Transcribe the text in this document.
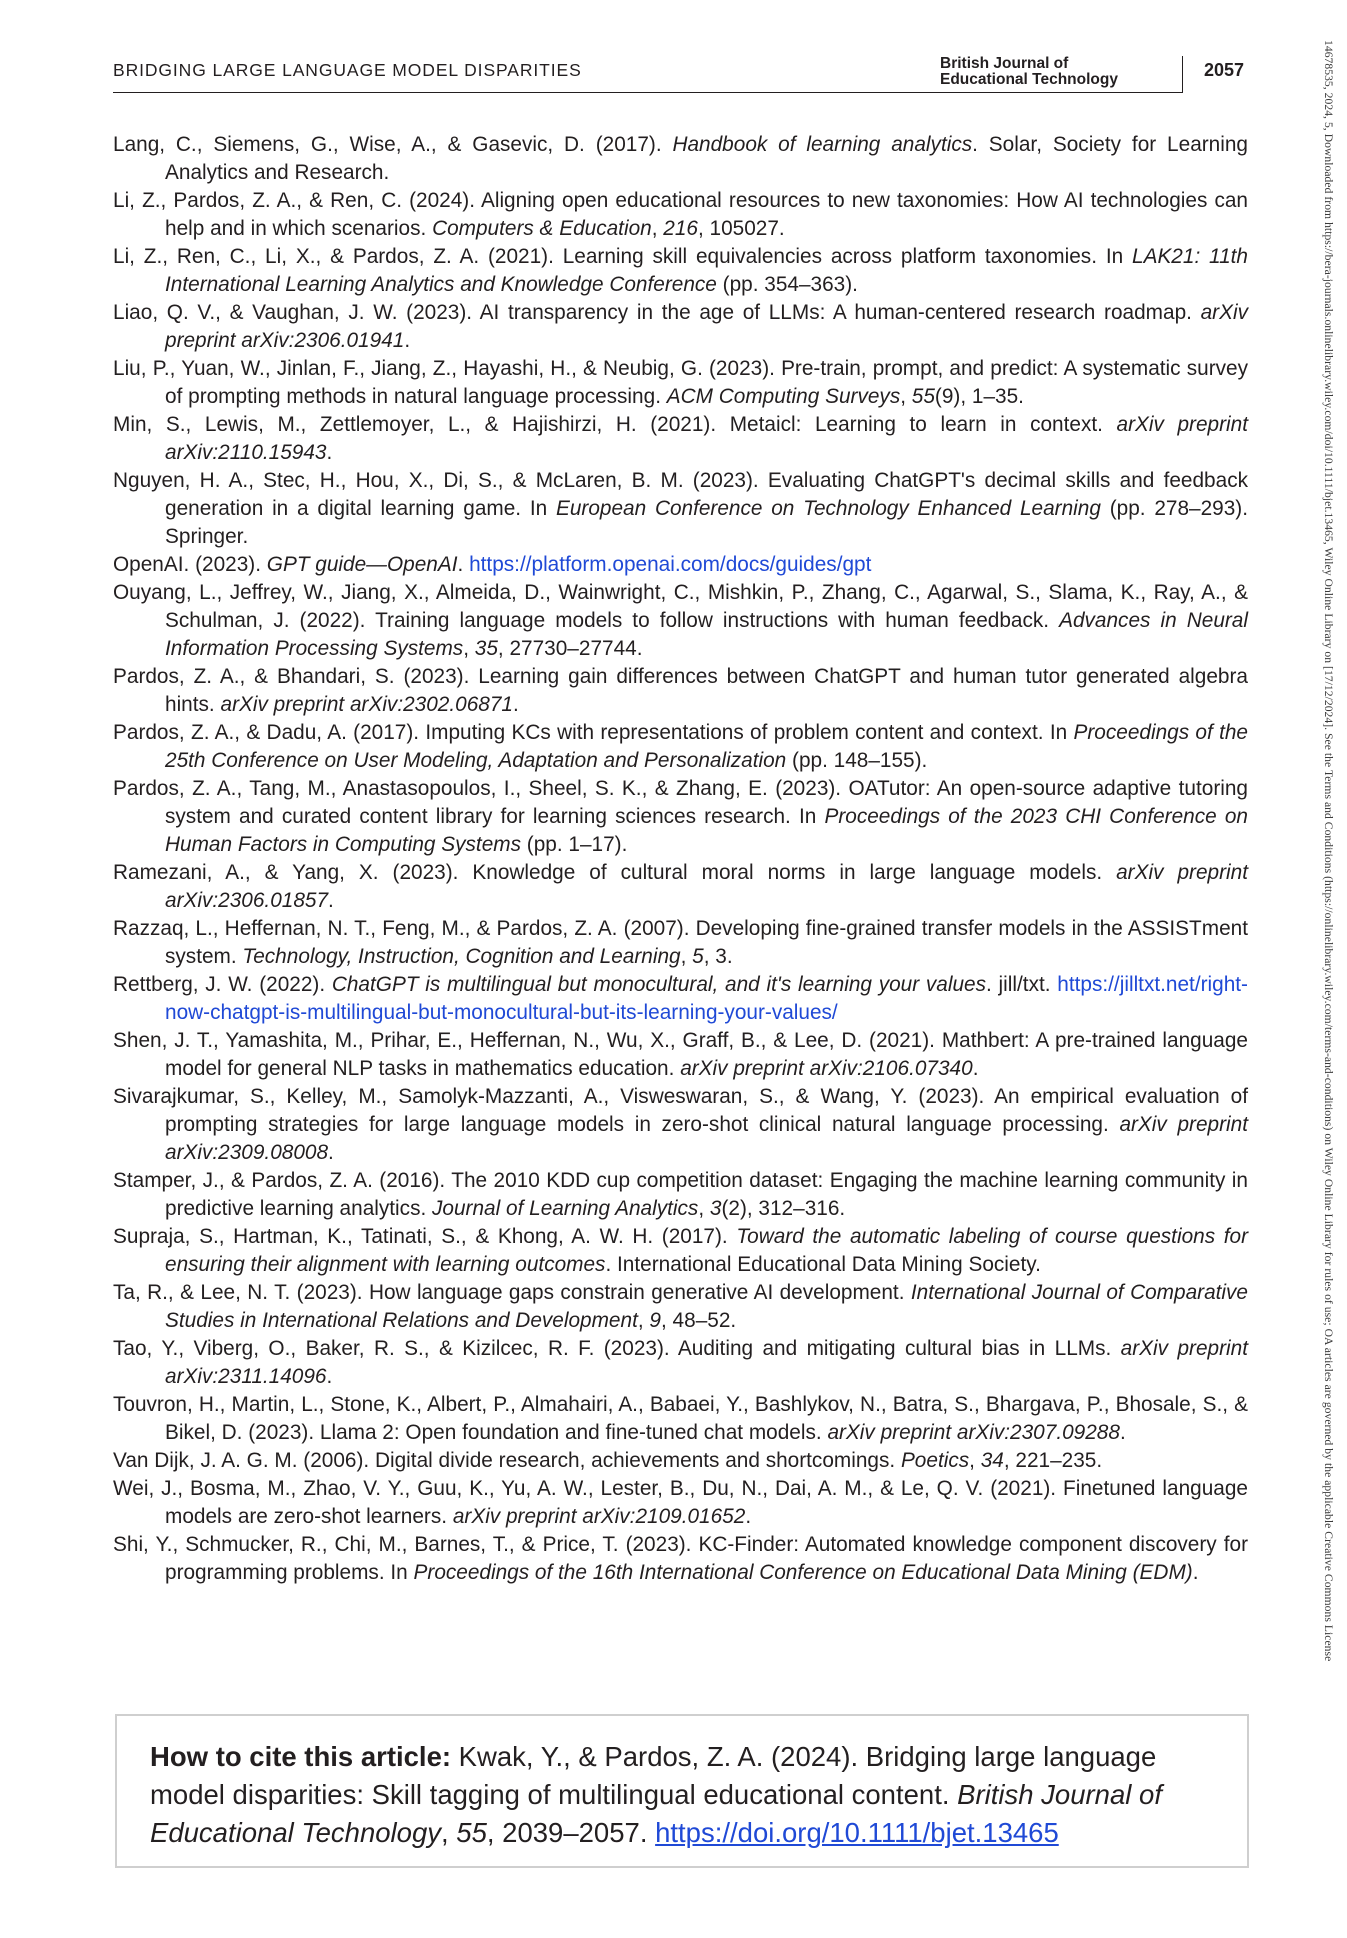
BRIDGING LARGE LANGUAGE MODEL DISPARITIES	British Journal of
Educational Technology	2057	14678535, 2024, 5, Downloaded from https://bera-journals.onlinelibrary.wiley.com/doi/10.1111/bjet.13465, Wiley Online Library on [17/12/2024]. See the Terms and Conditions (https://onlinelibrary.wiley.com/terms-and-conditions) on Wiley Online Library for rules of use; OA articles are governed by the applicable Creative Commons License
Lang, C., Siemens, G., Wise, A., & Gasevic, D. (2017). Handbook of learning analytics. Solar, Society for Learning Analytics and Research.
Li, Z., Pardos, Z. A., & Ren, C. (2024). Aligning open educational resources to new taxonomies: How AI technologies can help and in which scenarios. Computers & Education, 216, 105027.
Li, Z., Ren, C., Li, X., & Pardos, Z. A. (2021). Learning skill equivalencies across platform taxonomies. In LAK21: 11th International Learning Analytics and Knowledge Conference (pp. 354–363).
Liao, Q. V., & Vaughan, J. W. (2023). AI transparency in the age of LLMs: A human-centered research roadmap. arXiv preprint arXiv:2306.01941.
Liu, P., Yuan, W., Jinlan, F., Jiang, Z., Hayashi, H., & Neubig, G. (2023). Pre-train, prompt, and predict: A systematic survey of prompting methods in natural language processing. ACM Computing Surveys, 55(9), 1–35.
Min, S., Lewis, M., Zettlemoyer, L., & Hajishirzi, H. (2021). Metaicl: Learning to learn in context. arXiv preprint arXiv:2110.15943.
Nguyen, H. A., Stec, H., Hou, X., Di, S., & McLaren, B. M. (2023). Evaluating ChatGPT's decimal skills and feedback generation in a digital learning game. In European Conference on Technology Enhanced Learning (pp. 278–293). Springer.
OpenAI. (2023). GPT guide—OpenAI. https://platform.openai.com/docs/guides/gpt
Ouyang, L., Jeffrey, W., Jiang, X., Almeida, D., Wainwright, C., Mishkin, P., Zhang, C., Agarwal, S., Slama, K., Ray, A., & Schulman, J. (2022). Training language models to follow instructions with human feedback. Advances in Neural Information Processing Systems, 35, 27730–27744.
Pardos, Z. A., & Bhandari, S. (2023). Learning gain differences between ChatGPT and human tutor generated algebra hints. arXiv preprint arXiv:2302.06871.
Pardos, Z. A., & Dadu, A. (2017). Imputing KCs with representations of problem content and context. In Proceedings of the 25th Conference on User Modeling, Adaptation and Personalization (pp. 148–155).
Pardos, Z. A., Tang, M., Anastasopoulos, I., Sheel, S. K., & Zhang, E. (2023). OATutor: An open-source adaptive tutoring system and curated content library for learning sciences research. In Proceedings of the 2023 CHI Conference on Human Factors in Computing Systems (pp. 1–17).
Ramezani, A., & Yang, X. (2023). Knowledge of cultural moral norms in large language models. arXiv preprint arXiv:2306.01857.
Razzaq, L., Heffernan, N. T., Feng, M., & Pardos, Z. A. (2007). Developing fine-grained transfer models in the ASSISTment system. Technology, Instruction, Cognition and Learning, 5, 3.
Rettberg, J. W. (2022). ChatGPT is multilingual but monocultural, and it's learning your values. jill/txt. https://jilltxt.net/right-now-chatgpt-is-multilingual-but-monocultural-but-its-learning-your-values/
Shen, J. T., Yamashita, M., Prihar, E., Heffernan, N., Wu, X., Graff, B., & Lee, D. (2021). Mathbert: A pre-trained language model for general NLP tasks in mathematics education. arXiv preprint arXiv:2106.07340.
Sivarajkumar, S., Kelley, M., Samolyk-Mazzanti, A., Visweswaran, S., & Wang, Y. (2023). An empirical evaluation of prompting strategies for large language models in zero-shot clinical natural language processing. arXiv preprint arXiv:2309.08008.
Stamper, J., & Pardos, Z. A. (2016). The 2010 KDD cup competition dataset: Engaging the machine learning community in predictive learning analytics. Journal of Learning Analytics, 3(2), 312–316.
Supraja, S., Hartman, K., Tatinati, S., & Khong, A. W. H. (2017). Toward the automatic labeling of course questions for ensuring their alignment with learning outcomes. International Educational Data Mining Society.
Ta, R., & Lee, N. T. (2023). How language gaps constrain generative AI development. International Journal of Comparative Studies in International Relations and Development, 9, 48–52.
Tao, Y., Viberg, O., Baker, R. S., & Kizilcec, R. F. (2023). Auditing and mitigating cultural bias in LLMs. arXiv preprint arXiv:2311.14096.
Touvron, H., Martin, L., Stone, K., Albert, P., Almahairi, A., Babaei, Y., Bashlykov, N., Batra, S., Bhargava, P., Bhosale, S., & Bikel, D. (2023). Llama 2: Open foundation and fine-tuned chat models. arXiv preprint arXiv:2307.09288.
Van Dijk, J. A. G. M. (2006). Digital divide research, achievements and shortcomings. Poetics, 34, 221–235.
Wei, J., Bosma, M., Zhao, V. Y., Guu, K., Yu, A. W., Lester, B., Du, N., Dai, A. M., & Le, Q. V. (2021). Finetuned language models are zero-shot learners. arXiv preprint arXiv:2109.01652.
Shi, Y., Schmucker, R., Chi, M., Barnes, T., & Price, T. (2023). KC-Finder: Automated knowledge component discovery for programming problems. In Proceedings of the 16th International Conference on Educational Data Mining (EDM).
How to cite this article: Kwak, Y., & Pardos, Z. A. (2024). Bridging large language model disparities: Skill tagging of multilingual educational content. British Journal of Educational Technology, 55, 2039–2057. https://doi.org/10.1111/bjet.13465
